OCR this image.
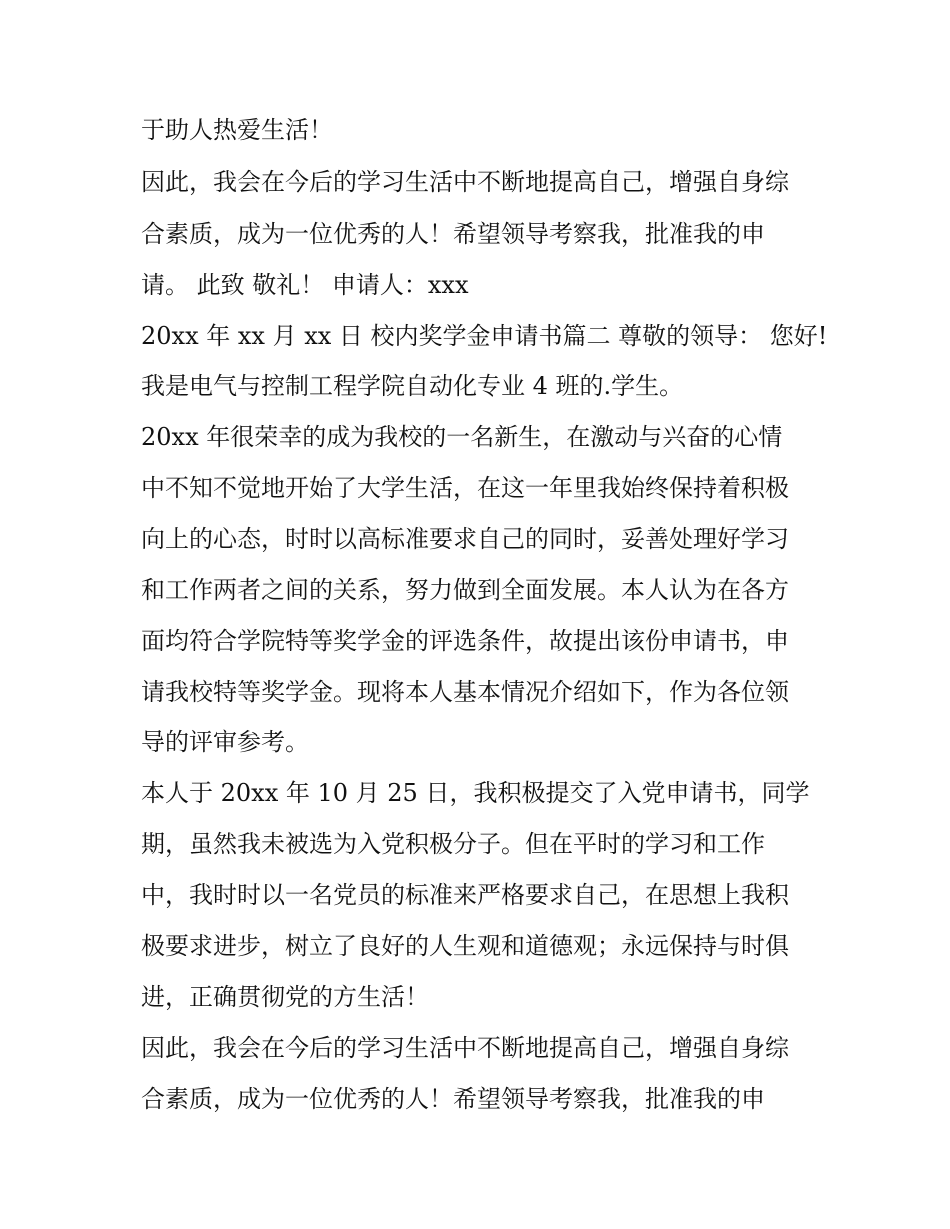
于助人热爱生活！
因此，我会在今后的学习生活中不断地提高自己，增强自身综
合素质，成为一位优秀的人！希望领导考察我，批准我的申
请。 此致 敬礼！ 申请人：xxx
20xx 年 xx 月 xx 日 校内奖学金申请书篇二 尊敬的领导： 您好!
我是电气与控制工程学院自动化专业 4 班的.学生。
20xx 年很荣幸的成为我校的一名新生，在激动与兴奋的心情
中不知不觉地开始了大学生活，在这一年里我始终保持着积极
向上的心态，时时以高标准要求自己的同时，妥善处理好学习
和工作两者之间的关系，努力做到全面发展。本人认为在各方
面均符合学院特等奖学金的评选条件，故提出该份申请书，申
请我校特等奖学金。现将本人基本情况介绍如下，作为各位领
导的评审参考。
本人于 20xx 年 10 月 25 日，我积极提交了入党申请书，同学
期，虽然我未被选为入党积极分子。但在平时的学习和工作
中，我时时以一名党员的标准来严格要求自己，在思想上我积
极要求进步，树立了良好的人生观和道德观；永远保持与时俱
进，正确贯彻党的方生活！
因此，我会在今后的学习生活中不断地提高自己，增强自身综
合素质，成为一位优秀的人！希望领导考察我，批准我的申
